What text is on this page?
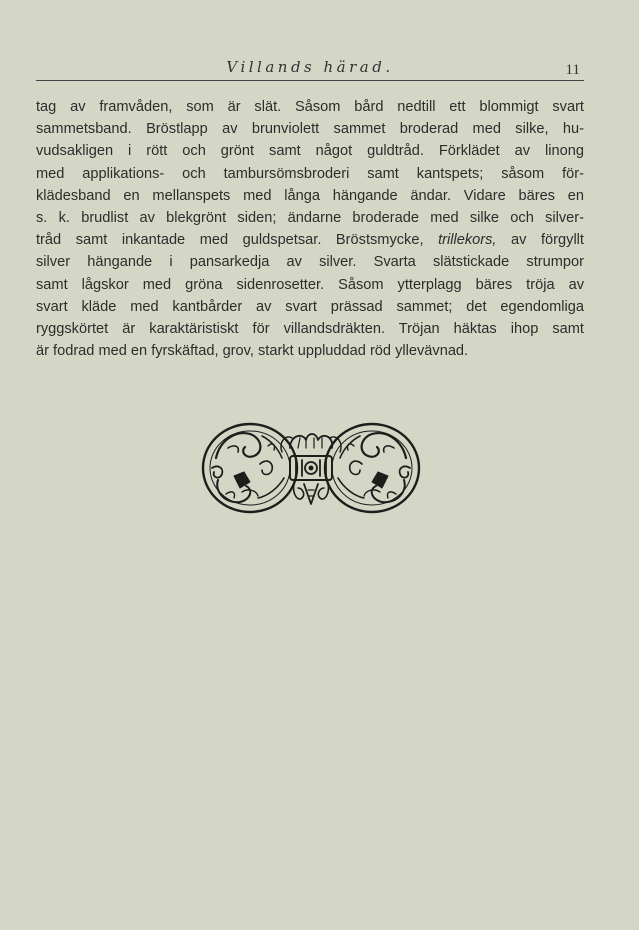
Villands härad.	11
tag av framvåden, som är slät. Såsom bård nedtill ett blommigt svart
sammetsband. Bröstlapp av brunviolett sammet broderad med silke, hu-
vudsakligen i rött och grönt samt något guldtråd. Förklädet av linong
med applikations- och tambursömsbroderi samt kantspets; såsom för-
klädesband en mellanspets med långa hängande ändar. Vidare bäres en
s. k. brudlist av blekgrönt siden; ändarne broderade med silke och silver-
tråd samt inkantade med guldspetsar. Bröstsmycke, trillekors, av förgyllt
silver hängande i pansarkedja av silver. Svarta slätstickade strumpor
samt lågskor med gröna sidenrosetter. Såsom ytterplagg bäres tröja av
svart kläde med kantbårder av svart prässad sammet; det egendomliga
ryggskörtet är karaktäristiskt för villandsdräkten. Tröjan häktas ihop samt
är fodrad med en fyrskäftad, grov, starkt uppluddad röd yllevävnad.
